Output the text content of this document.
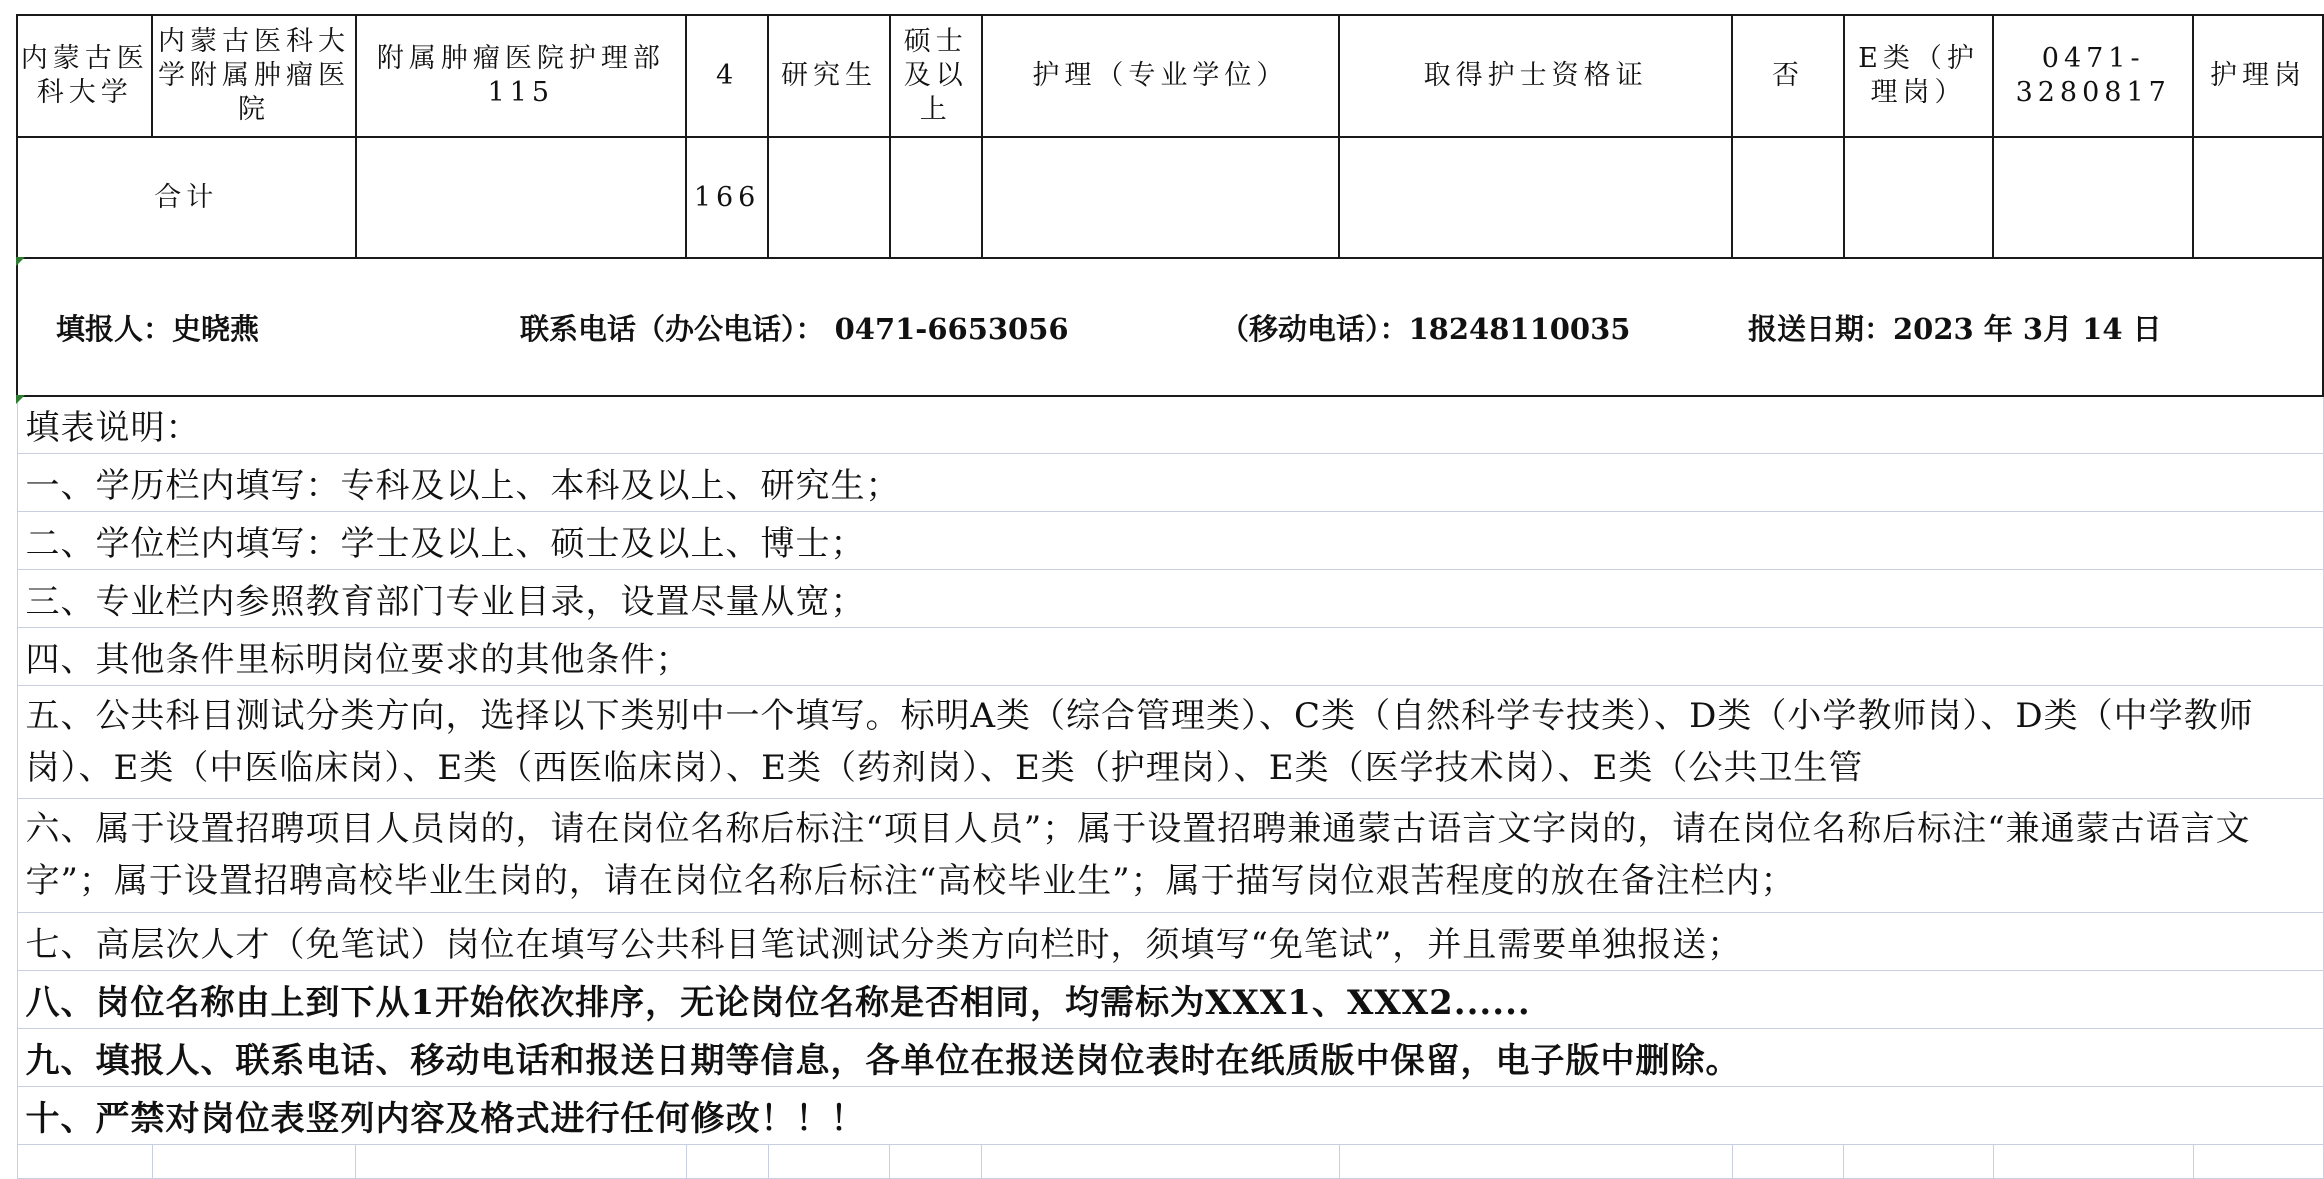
内蒙古医科大学	内蒙古医科大学附属肿瘤医院	附属肿瘤医院护理部115	4	研究生	硕士及以上	护理（专业学位）	取得护士资格证	否	E类（护理岗）	0471-3280817	护理岗
合计			166								

填报人：史晓燕 联系电话（办公电话）： 0471-6653056 （移动电话）：18248110035 报送日期：2023 年 3月 14 日											

填表说明：											
一、学历栏内填写：专科及以上、本科及以上、研究生；											
二、学位栏内填写：学士及以上、硕士及以上、博士；											
三、专业栏内参照教育部门专业目录，设置尽量从宽；											
四、其他条件里标明岗位要求的其他条件；											
五、公共科目测试分类方向，选择以下类别中一个填写。标明A类（综合管理类）、C类（自然科学专技类）、D类（小学教师岗）、D类（中学教师岗）、E类（中医临床岗）、E类（西医临床岗）、E类（药剂岗）、E类（护理岗）、E类（医学技术岗）、E类（公共卫生管											
六、属于设置招聘项目人员岗的，请在岗位名称后标注“项目人员”；属于设置招聘兼通蒙古语言文字岗的，请在岗位名称后标注“兼通蒙古语言文字”；属于设置招聘高校毕业生岗的，请在岗位名称后标注“高校毕业生”；属于描写岗位艰苦程度的放在备注栏内；											
七、高层次人才（免笔试）岗位在填写公共科目笔试测试分类方向栏时，须填写“免笔试”，并且需要单独报送；											
八、岗位名称由上到下从1开始依次排序，无论岗位名称是否相同，均需标为XXX1、XXX2......											
九、填报人、联系电话、移动电话和报送日期等信息，各单位在报送岗位表时在纸质版中保留，电子版中删除。											
十、严禁对岗位表竖列内容及格式进行任何修改！！！											
